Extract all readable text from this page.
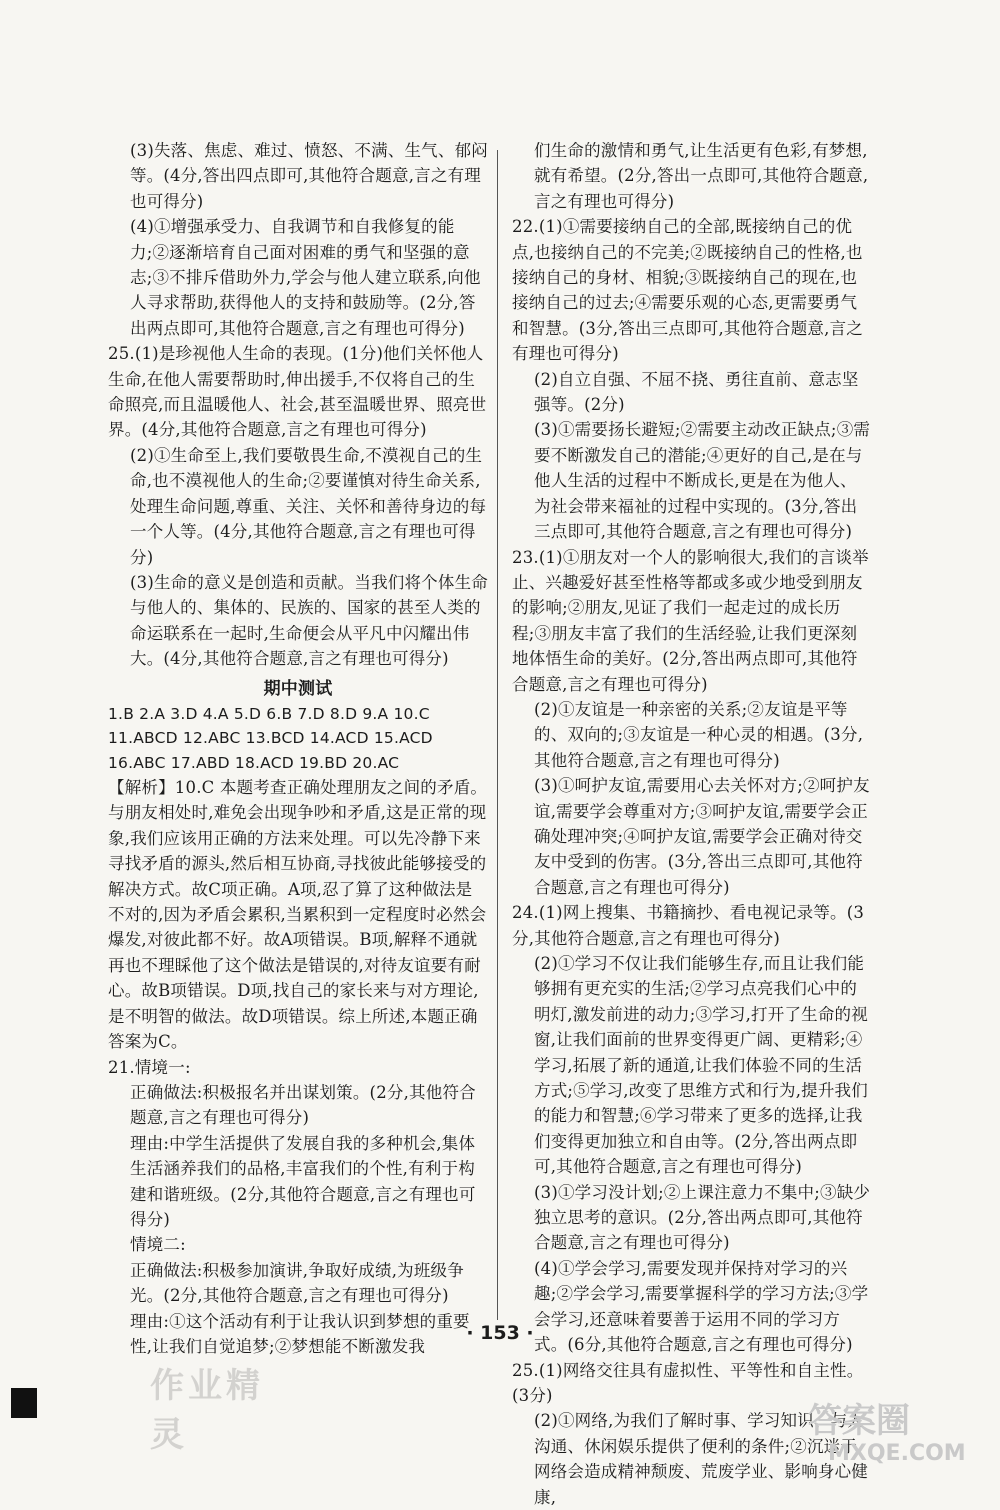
(3)失落、焦虑、难过、愤怒、不满、生气、郁闷等。(4分,答出四点即可,其他符合题意,言之有理也可得分)

(4)①增强承受力、自我调节和自我修复的能力;②逐渐培育自己面对困难的勇气和坚强的意志;③不排斥借助外力,学会与他人建立联系,向他人寻求帮助,获得他人的支持和鼓励等。(2分,答出两点即可,其他符合题意,言之有理也可得分)

25.(1)是珍视他人生命的表现。(1分)他们关怀他人生命,在他人需要帮助时,伸出援手,不仅将自己的生命照亮,而且温暖他人、社会,甚至温暖世界、照亮世界。(4分,其他符合题意,言之有理也可得分)

(2)①生命至上,我们要敬畏生命,不漠视自己的生命,也不漠视他人的生命;②要谨慎对待生命关系,处理生命问题,尊重、关注、关怀和善待身边的每一个人等。(4分,其他符合题意,言之有理也可得分)

(3)生命的意义是创造和贡献。当我们将个体生命与他人的、集体的、民族的、国家的甚至人类的命运联系在一起时,生命便会从平凡中闪耀出伟大。(4分,其他符合题意,言之有理也可得分)

期中测试

1.B 2.A 3.D 4.A 5.D 6.B 7.D 8.D 9.A 10.C
11.ABCD 12.ABC 13.BCD 14.ACD 15.ACD
16.ABC 17.ABD 18.ACD 19.BD 20.AC

【解析】10.C 本题考查正确处理朋友之间的矛盾。与朋友相处时,难免会出现争吵和矛盾,这是正常的现象,我们应该用正确的方法来处理。可以先冷静下来寻找矛盾的源头,然后相互协商,寻找彼此能够接受的解决方式。故C项正确。A项,忍了算了这种做法是不对的,因为矛盾会累积,当累积到一定程度时必然会爆发,对彼此都不好。故A项错误。B项,解释不通就再也不理睬他了这个做法是错误的,对待友谊要有耐心。故B项错误。D项,找自己的家长来与对方理论,是不明智的做法。故D项错误。综上所述,本题正确答案为C。

21.情境一:

正确做法:积极报名并出谋划策。(2分,其他符合题意,言之有理也可得分)

理由:中学生活提供了发展自我的多种机会,集体生活涵养我们的品格,丰富我们的个性,有利于构建和谐班级。(2分,其他符合题意,言之有理也可得分)

情境二:

正确做法:积极参加演讲,争取好成绩,为班级争光。(2分,其他符合题意,言之有理也可得分)

理由:①这个活动有利于让我认识到梦想的重要性,让我们自觉追梦;②梦想能不断激发我

们生命的激情和勇气,让生活更有色彩,有梦想,就有希望。(2分,答出一点即可,其他符合题意,言之有理也可得分)

22.(1)①需要接纳自己的全部,既接纳自己的优点,也接纳自己的不完美;②既接纳自己的性格,也接纳自己的身材、相貌;③既接纳自己的现在,也接纳自己的过去;④需要乐观的心态,更需要勇气和智慧。(3分,答出三点即可,其他符合题意,言之有理也可得分)

(2)自立自强、不屈不挠、勇往直前、意志坚强等。(2分)

(3)①需要扬长避短;②需要主动改正缺点;③需要不断激发自己的潜能;④更好的自己,是在与他人生活的过程中不断成长,更是在为他人、为社会带来福祉的过程中实现的。(3分,答出三点即可,其他符合题意,言之有理也可得分)

23.(1)①朋友对一个人的影响很大,我们的言谈举止、兴趣爱好甚至性格等都或多或少地受到朋友的影响;②朋友,见证了我们一起走过的成长历程;③朋友丰富了我们的生活经验,让我们更深刻地体悟生命的美好。(2分,答出两点即可,其他符合题意,言之有理也可得分)

(2)①友谊是一种亲密的关系;②友谊是平等的、双向的;③友谊是一种心灵的相遇。(3分,其他符合题意,言之有理也可得分)

(3)①呵护友谊,需要用心去关怀对方;②呵护友谊,需要学会尊重对方;③呵护友谊,需要学会正确处理冲突;④呵护友谊,需要学会正确对待交友中受到的伤害。(3分,答出三点即可,其他符合题意,言之有理也可得分)

24.(1)网上搜集、书籍摘抄、看电视记录等。(3分,其他符合题意,言之有理也可得分)

(2)①学习不仅让我们能够生存,而且让我们能够拥有更充实的生活;②学习点亮我们心中的明灯,激发前进的动力;③学习,打开了生命的视窗,让我们面前的世界变得更广阔、更精彩;④学习,拓展了新的通道,让我们体验不同的生活方式;⑤学习,改变了思维方式和行为,提升我们的能力和智慧;⑥学习带来了更多的选择,让我们变得更加独立和自由等。(2分,答出两点即可,其他符合题意,言之有理也可得分)

(3)①学习没计划;②上课注意力不集中;③缺少独立思考的意识。(2分,答出两点即可,其他符合题意,言之有理也可得分)

(4)①学会学习,需要发现并保持对学习的兴趣;②学会学习,需要掌握科学的学习方法;③学会学习,还意味着要善于运用不同的学习方式。(6分,其他符合题意,言之有理也可得分)

25.(1)网络交往具有虚拟性、平等性和自主性。(3分)

(2)①网络,为我们了解时事、学习知识、与人沟通、休闲娱乐提供了便利的条件;②沉迷于网络会造成精神颓废、荒废学业、影响身心健康,

· 153 ·
作业精灵	答案圈
MXQE.COM
